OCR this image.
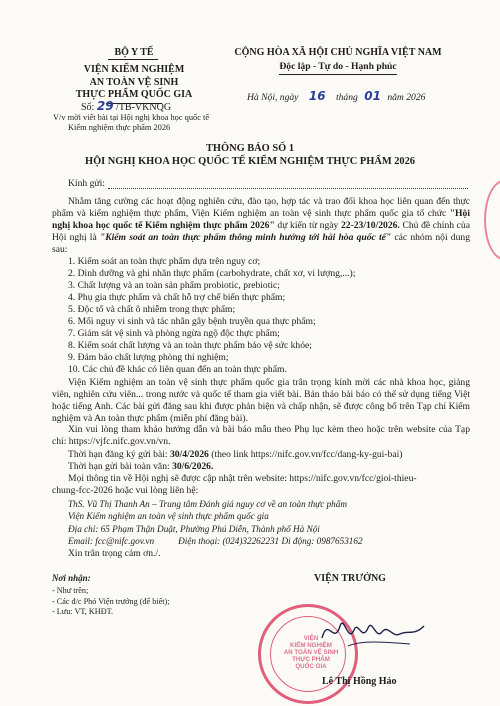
BỘ Y TẾ
VIỆN KIỂM NGHIỆM
AN TOÀN VỆ SINH
THỰC PHẨM QUỐC GIA
Số: 29 /TB-VKNQG
V/v mời viết bài tại Hội nghị khoa học quốc tế
Kiểm nghiệm thực phẩm 2026
CỘNG HÒA XÃ HỘI CHỦ NGHĨA VIỆT NAM
Độc lập - Tự do - Hạnh phúc
Hà Nội, ngày 16 tháng 01 năm 2026
THÔNG BÁO SỐ 1
HỘI NGHỊ KHOA HỌC QUỐC TẾ KIỂM NGHIỆM THỰC PHẨM 2026
Kính gửi:
Nhằm tăng cường các hoạt động nghiên cứu, đào tạo, hợp tác và trao đổi khoa học liên quan đến thực phẩm và kiểm nghiệm thực phẩm, Viện Kiểm nghiệm an toàn vệ sinh thực phẩm quốc gia tổ chức "Hội nghị khoa học quốc tế Kiểm nghiệm thực phẩm 2026" dự kiến từ ngày 22-23/10/2026. Chủ đề chính của Hội nghị là "Kiểm soát an toàn thực phẩm thông minh hướng tới hài hòa quốc tế" các nhóm nội dung sau:
1. Kiểm soát an toàn thực phẩm dựa trên nguy cơ;
2. Dinh dưỡng và ghi nhãn thực phẩm (carbohydrate, chất xơ, vi lượng,...);
3. Chất lượng và an toàn sản phẩm probiotic, prebiotic;
4. Phụ gia thực phẩm và chất hỗ trợ chế biến thực phẩm;
5. Độc tố và chất ô nhiễm trong thực phẩm;
6. Mối nguy vi sinh và tác nhân gây bệnh truyền qua thực phẩm;
7. Giám sát vệ sinh và phòng ngừa ngộ độc thực phẩm;
8. Kiểm soát chất lượng và an toàn thực phẩm bảo vệ sức khỏe;
9. Đảm bảo chất lượng phòng thí nghiệm;
10. Các chủ đề khác có liên quan đến an toàn thực phẩm.
Viện Kiểm nghiệm an toàn vệ sinh thực phẩm quốc gia trân trọng kính mời các nhà khoa học, giảng viên, nghiên cứu viên... trong nước và quốc tế tham gia viết bài. Bản thảo bài báo có thể sử dụng tiếng Việt hoặc tiếng Anh. Các bài gửi đăng sau khi được phản biện và chấp nhận, sẽ được công bố trên Tạp chí Kiểm nghiệm và An toàn thực phẩm (miễn phí đăng bài).
Xin vui lòng tham khảo hướng dẫn và bài báo mẫu theo Phụ lục kèm theo hoặc trên website của Tạp chí: https://vjfc.nifc.gov.vn/vn.
Thời hạn đăng ký gửi bài: 30/4/2026 (theo link https://nifc.gov.vn/fcc/dang-ky-gui-bai)
Thời hạn gửi bài toàn văn: 30/6/2026.
Mọi thông tin về Hội nghị sẽ được cập nhật trên website: https://nifc.gov.vn/fcc/gioi-thieu-
chung-fcc-2026 hoặc vui lòng liên hệ:
ThS. Vũ Thị Thanh An – Trung tâm Đánh giá nguy cơ về an toàn thực phẩm
Viện Kiểm nghiệm an toàn vệ sinh thực phẩm quốc gia
Địa chỉ: 65 Phạm Thận Duật, Phường Phú Diễn, Thành phố Hà Nội
Email: fcc@nifc.gov.vn	Điện thoại: (024)32262231 Di động: 0987653162
Xin trân trọng cảm ơn./.
Nơi nhận:
- Như trên;
- Các đ/c Phó Viện trưởng (để biết);
- Lưu: VT, KHĐT.
VIỆN TRƯỞNG
VIỆN
KIỂM NGHIỆM
AN TOÀN VỆ SINH
THỰC PHẨM
QUỐC GIA
Lê Thị Hồng Hảo
